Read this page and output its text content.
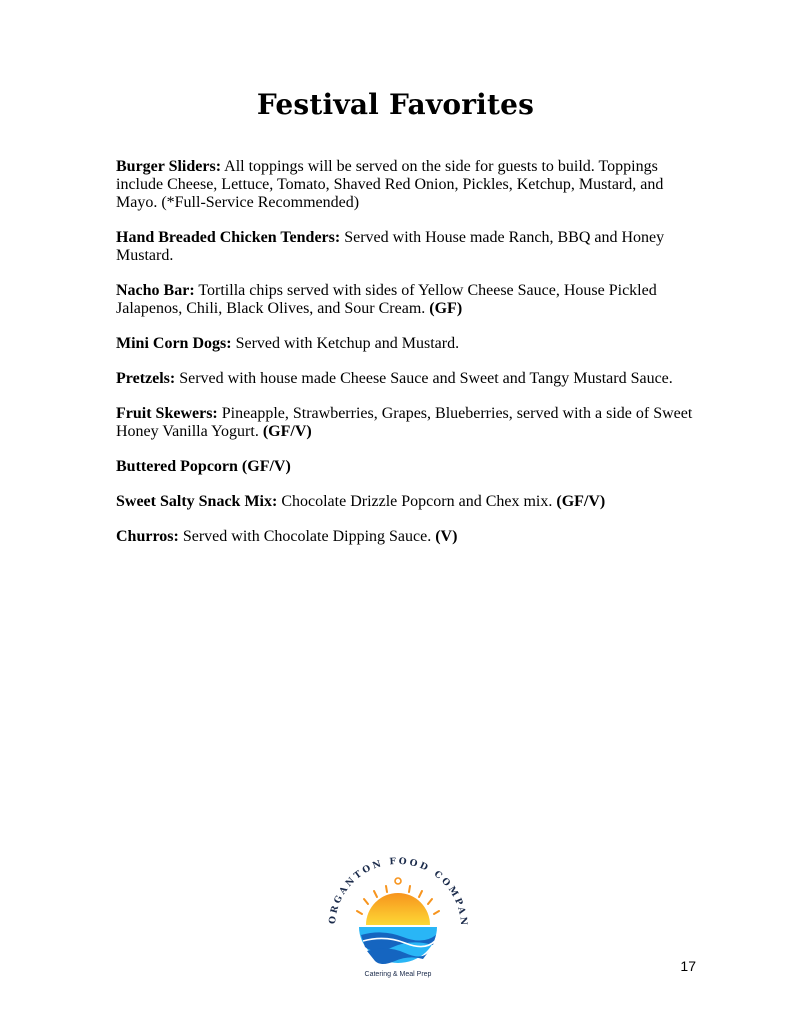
Festival Favorites
Burger Sliders: All toppings will be served on the side for guests to build. Toppings include Cheese, Lettuce, Tomato, Shaved Red Onion, Pickles, Ketchup, Mustard, and Mayo. (*Full-Service Recommended)
Hand Breaded Chicken Tenders: Served with House made Ranch, BBQ and Honey Mustard.
Nacho Bar: Tortilla chips served with sides of Yellow Cheese Sauce, House Pickled Jalapenos, Chili, Black Olives, and Sour Cream. (GF)
Mini Corn Dogs: Served with Ketchup and Mustard.
Pretzels: Served with house made Cheese Sauce and Sweet and Tangy Mustard Sauce.
Fruit Skewers: Pineapple, Strawberries, Grapes, Blueberries, served with a side of Sweet Honey Vanilla Yogurt. (GF/V)
Buttered Popcorn (GF/V)
Sweet Salty Snack Mix: Chocolate Drizzle Popcorn and Chex mix. (GF/V)
Churros: Served with Chocolate Dipping Sauce. (V)
ORGANTON FOOD COMPAN
Catering & Meal Prep
17
